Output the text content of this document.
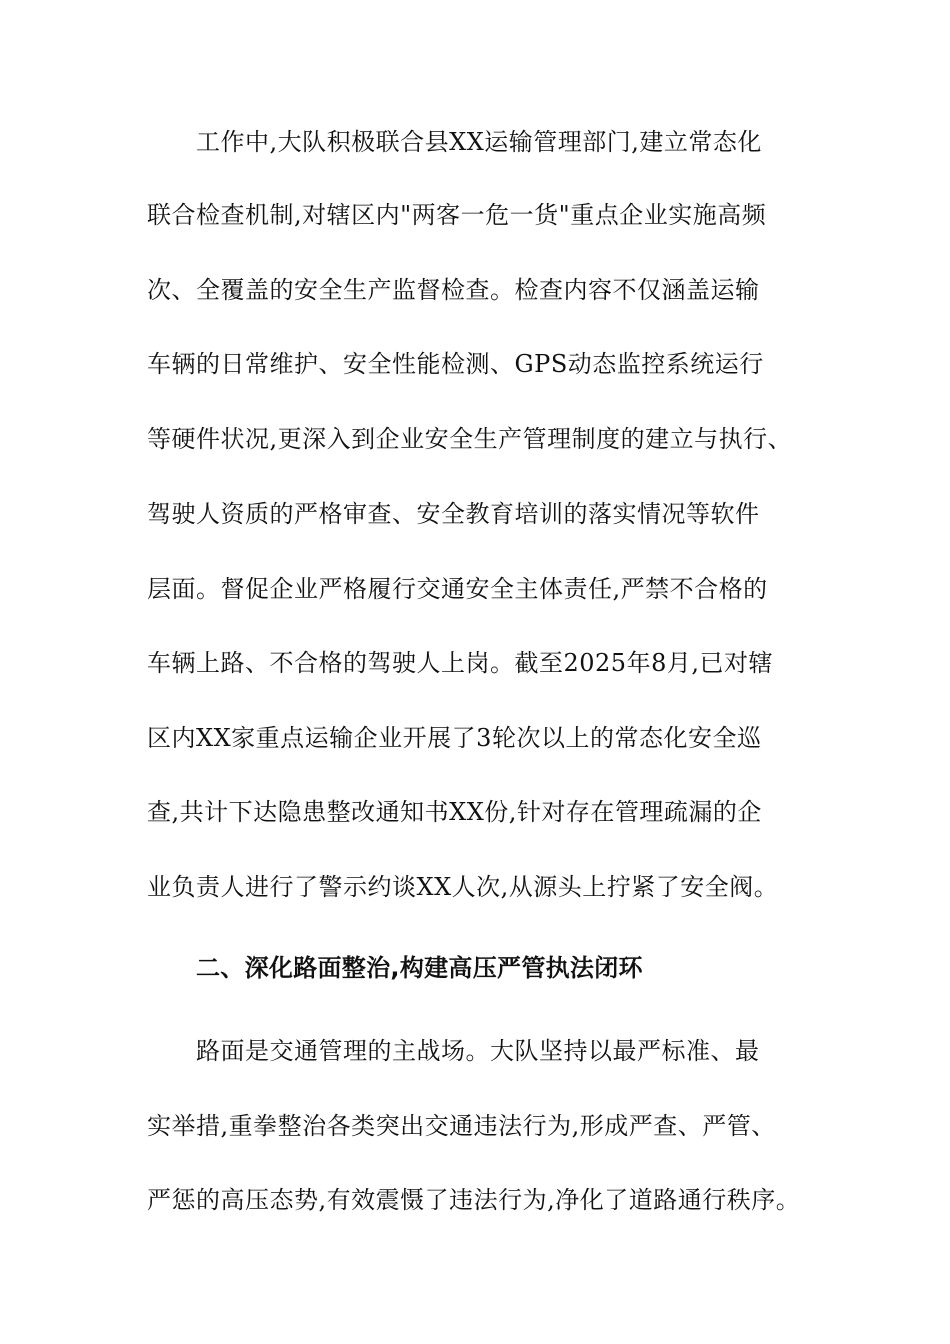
工作中,大队积极联合县XX运输管理部门,建立常态化
联合检查机制,对辖区内"两客一危一货"重点企业实施高频
次、全覆盖的安全生产监督检查。检查内容不仅涵盖运输
车辆的日常维护、安全性能检测、GPS动态监控系统运行
等硬件状况,更深入到企业安全生产管理制度的建立与执行、
驾驶人资质的严格审查、安全教育培训的落实情况等软件
层面。督促企业严格履行交通安全主体责任,严禁不合格的
车辆上路、不合格的驾驶人上岗。截至2025年8月,已对辖
区内XX家重点运输企业开展了3轮次以上的常态化安全巡
查,共计下达隐患整改通知书XX份,针对存在管理疏漏的企
业负责人进行了警示约谈XX人次,从源头上拧紧了安全阀。
二、深化路面整治,构建高压严管执法闭环
路面是交通管理的主战场。大队坚持以最严标准、最
实举措,重拳整治各类突出交通违法行为,形成严查、严管、
严惩的高压态势,有效震慑了违法行为,净化了道路通行秩序。
